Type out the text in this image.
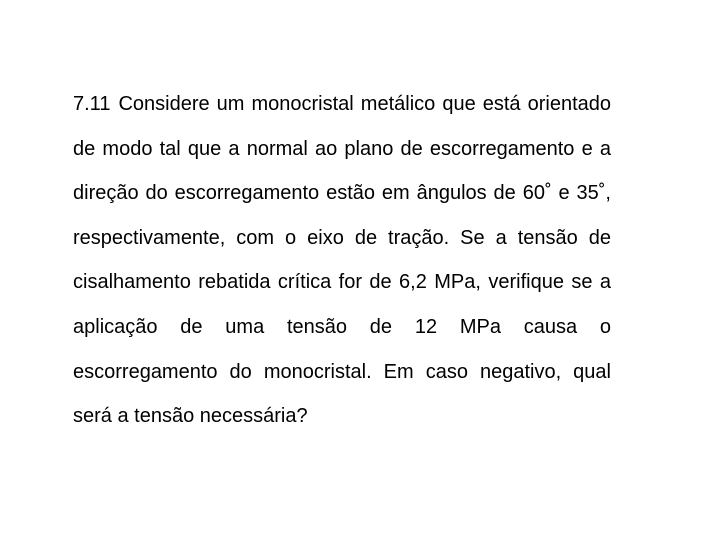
7.11 Considere um monocristal metálico que está orientado de modo tal que a normal ao plano de escorregamento e a direção do escorregamento estão em ângulos de 60˚ e 35˚, respectivamente, com o eixo de tração. Se a tensão de cisalhamento rebatida crítica for de 6,2 MPa, verifique se a aplicação de uma tensão de 12 MPa causa o escorregamento do monocristal. Em caso negativo, qual será a tensão necessária?
